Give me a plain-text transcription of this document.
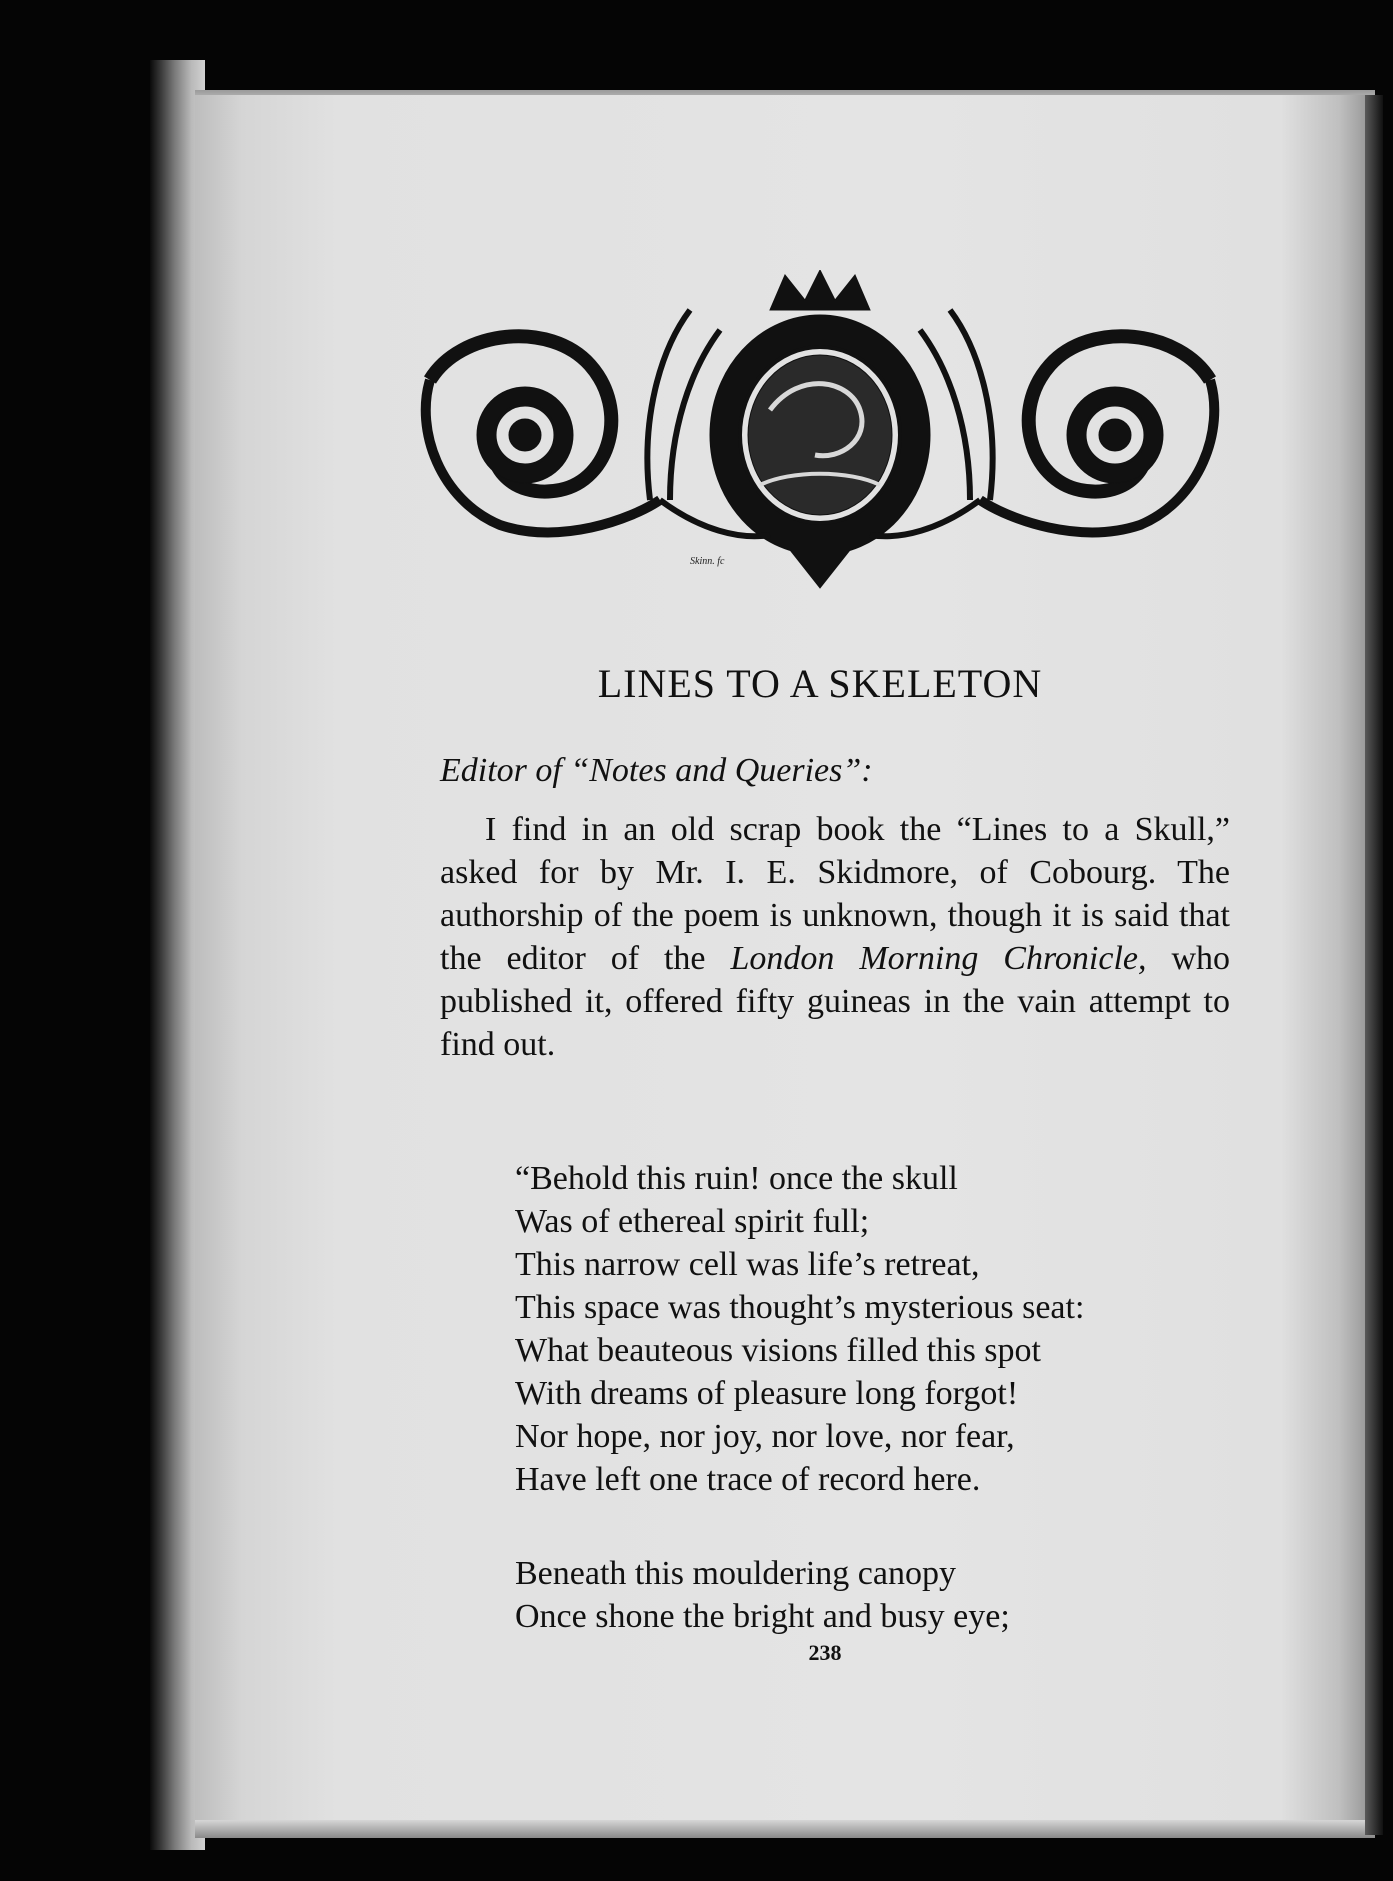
Skinn. fc
LINES TO A SKELETON
Editor of “Notes and Queries”:
I find in an old scrap book the “Lines to a Skull,” asked for by Mr. I. E. Skidmore, of Cobourg. The authorship of the poem is unknown, though it is said that the editor of the London Morning Chronicle, who published it, offered fifty guineas in the vain attempt to find out.
“Behold this ruin! once the skull
Was of ethereal spirit full;
This narrow cell was life’s retreat,
This space was thought’s mysterious seat:
What beauteous visions filled this spot
With dreams of pleasure long forgot!
Nor hope, nor joy, nor love, nor fear,
Have left one trace of record here.
Beneath this mouldering canopy
Once shone the bright and busy eye;
238
